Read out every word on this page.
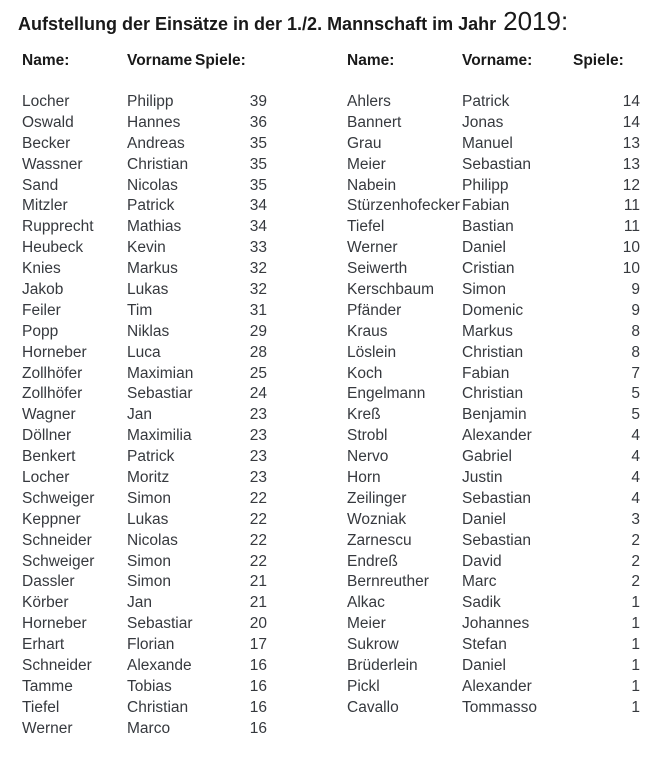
Aufstellung der Einsätze in der 1./2. Mannschaft im Jahr 2019:
Name:	Vorname Spiele:
Locher	Philipp	39
Oswald	Hannes	36
Becker	Andreas	35
Wassner	Christian	35
Sand	Nicolas	35
Mitzler	Patrick	34
Rupprecht	Mathias	34
Heubeck	Kevin	33
Knies	Markus	32
Jakob	Lukas	32
Feiler	Tim	31
Popp	Niklas	29
Horneber	Luca	28
Zollhöfer	Maximian	25
Zollhöfer	Sebastiar	24
Wagner	Jan	23
Döllner	Maximilia	23
Benkert	Patrick	23
Locher	Moritz	23
Schweiger	Simon	22
Keppner	Lukas	22
Schneider	Nicolas	22
Schweiger	Simon	22
Dassler	Simon	21
Körber	Jan	21
Horneber	Sebastiar	20
Erhart	Florian	17
Schneider	Alexande	16
Tamme	Tobias	16
Tiefel	Christian	16
Werner	Marco	16
Name:	Vorname:	Spiele:
Ahlers	Patrick	14
Bannert	Jonas	14
Grau	Manuel	13
Meier	Sebastian	13
Nabein	Philipp	12
Stürzenhofecker Fabian	11
Tiefel	Bastian	11
Werner	Daniel	10
Seiwerth	Cristian	10
Kerschbaum	Simon	9
Pfänder	Domenic	9
Kraus	Markus	8
Löslein	Christian	8
Koch	Fabian	7
Engelmann	Christian	5
Kreß	Benjamin	5
Strobl	Alexander	4
Nervo	Gabriel	4
Horn	Justin	4
Zeilinger	Sebastian	4
Wozniak	Daniel	3
Zarnescu	Sebastian	2
Endreß	David	2
Bernreuther	Marc	2
Alkac	Sadik	1
Meier	Johannes	1
Sukrow	Stefan	1
Brüderlein	Daniel	1
Pickl	Alexander	1
Cavallo	Tommasso	1
